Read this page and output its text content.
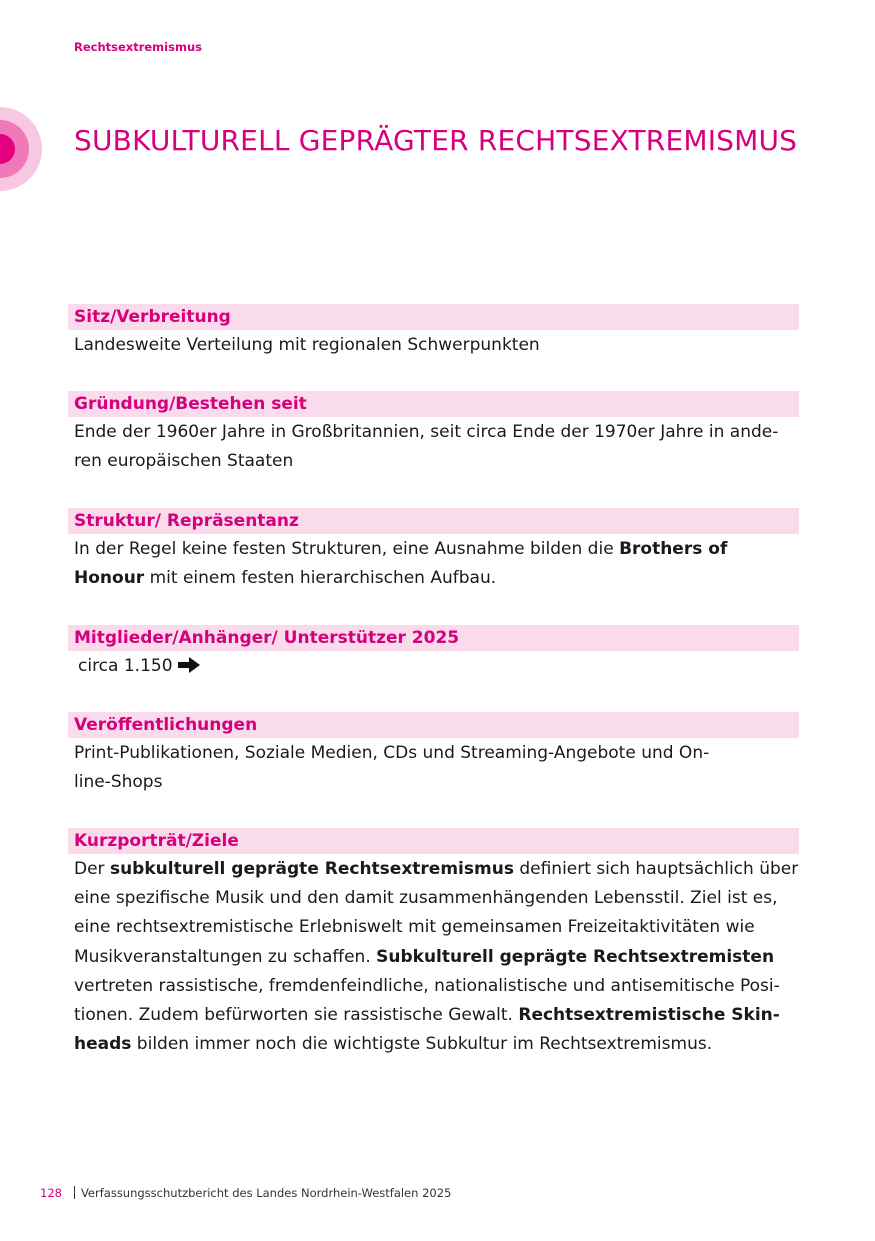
Rechtsextremismus
SUBKULTURELL GEPRÄGTER RECHTSEXTREMISMUS
Sitz/Verbreitung
Landesweite Verteilung mit regionalen Schwerpunkten
Gründung/Bestehen seit
Ende der 1960er Jahre in Großbritannien, seit circa Ende der 1970er Jahre in ande-
ren europäischen Staaten
Struktur/ Repräsentanz
In der Regel keine festen Strukturen, eine Ausnahme bilden die Brothers of
Honour mit einem festen hierarchischen Aufbau.
Mitglieder/Anhänger/ Unterstützer 2025
circa 1.150
Veröffentlichungen
Print-Publikationen, Soziale Medien, CDs und Streaming-Angebote und On-
line-Shops
Kurzporträt/Ziele
Der subkulturell geprägte Rechtsextremismus definiert sich hauptsächlich über
eine spezifische Musik und den damit zusammenhängenden Lebensstil. Ziel ist es,
eine rechtsextremistische Erlebniswelt mit gemeinsamen Freizeitaktivitäten wie
Musikveranstaltungen zu schaffen. Subkulturell geprägte Rechtsextremisten
vertreten rassistische, fremdenfeindliche, nationalistische und antisemitische Posi-
tionen. Zudem befürworten sie rassistische Gewalt. Rechtsextremistische Skin-
heads bilden immer noch die wichtigste Subkultur im Rechtsextremismus.
128 Verfassungsschutzbericht des Landes Nordrhein-Westfalen 2025
